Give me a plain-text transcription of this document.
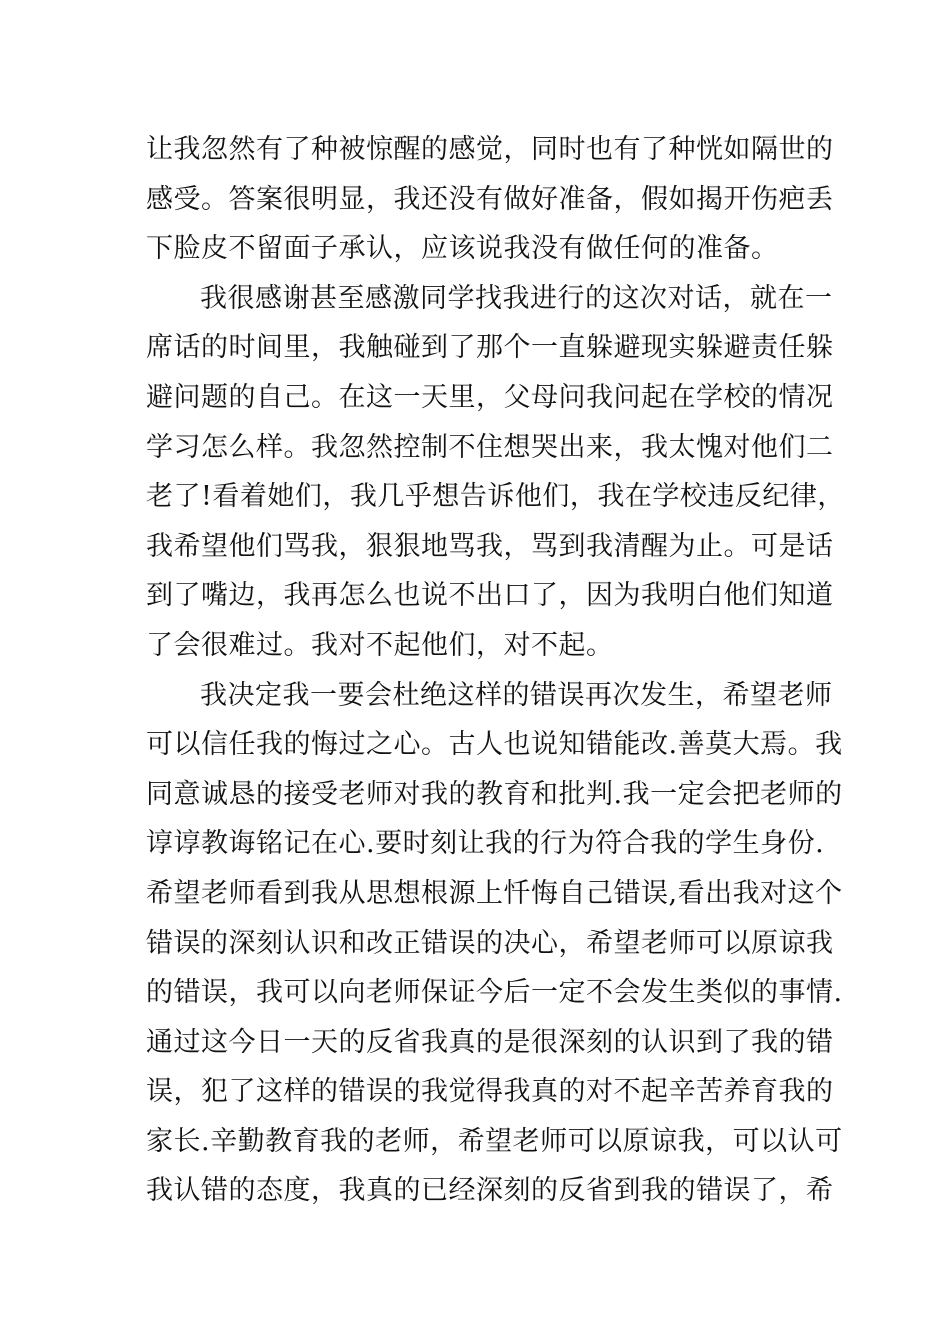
让我忽然有了种被惊醒的感觉，同时也有了种恍如隔世的
感受。答案很明显，我还没有做好准备，假如揭开伤疤丢
下脸皮不留面子承认，应该说我没有做任何的准备。
我很感谢甚至感激同学找我进行的这次对话，就在一
席话的时间里，我触碰到了那个一直躲避现实躲避责任躲
避问题的自己。在这一天里，父母问我问起在学校的情况
学习怎么样。我忽然控制不住想哭出来，我太愧对他们二
老了!看着她们，我几乎想告诉他们，我在学校违反纪律，
我希望他们骂我，狠狠地骂我，骂到我清醒为止。可是话
到了嘴边，我再怎么也说不出口了，因为我明白他们知道
了会很难过。我对不起他们，对不起。
我决定我一要会杜绝这样的错误再次发生，希望老师
可以信任我的悔过之心。古人也说知错能改.善莫大焉。我
同意诚恳的接受老师对我的教育和批判.我一定会把老师的
谆谆教诲铭记在心.要时刻让我的行为符合我的学生身份.
希望老师看到我从思想根源上忏悔自己错误,看出我对这个
错误的深刻认识和改正错误的决心，希望老师可以原谅我
的错误，我可以向老师保证今后一定不会发生类似的事情.
通过这今日一天的反省我真的是很深刻的认识到了我的错
误，犯了这样的错误的我觉得我真的对不起辛苦养育我的
家长.辛勤教育我的老师，希望老师可以原谅我，可以认可
我认错的态度，我真的已经深刻的反省到我的错误了，希
